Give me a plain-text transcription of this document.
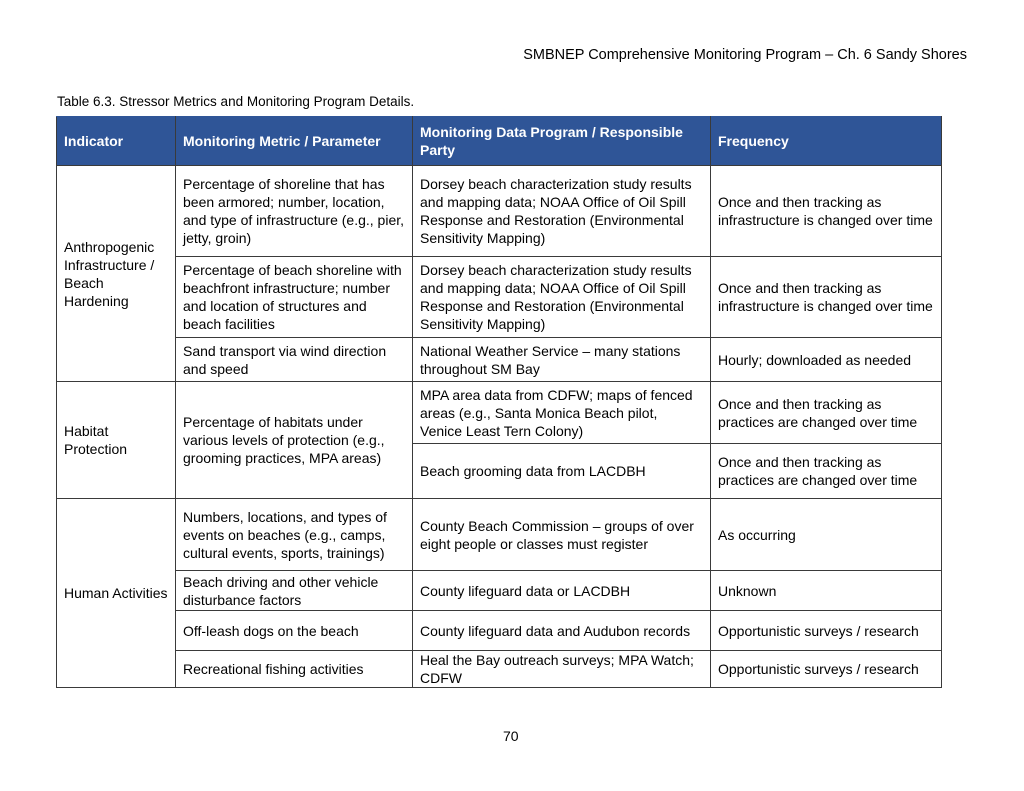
SMBNEP Comprehensive Monitoring Program – Ch. 6 Sandy Shores
Table 6.3. Stressor Metrics and Monitoring Program Details.
Indicator	Monitoring Metric / Parameter	Monitoring Data Program / Responsible Party	Frequency
Anthropogenic Infrastructure / Beach Hardening	Percentage of shoreline that has been armored; number, location, and type of infrastructure (e.g., pier, jetty, groin)	Dorsey beach characterization study results and mapping data; NOAA Office of Oil Spill Response and Restoration (Environmental Sensitivity Mapping)	Once and then tracking as infrastructure is changed over time
	Percentage of beach shoreline with beachfront infrastructure; number and location of structures and beach facilities	Dorsey beach characterization study results and mapping data; NOAA Office of Oil Spill Response and Restoration (Environmental Sensitivity Mapping)	Once and then tracking as infrastructure is changed over time
	Sand transport via wind direction and speed	National Weather Service – many stations throughout SM Bay	Hourly; downloaded as needed
Habitat Protection	Percentage of habitats under various levels of protection (e.g., grooming practices, MPA areas)	MPA area data from CDFW; maps of fenced areas (e.g., Santa Monica Beach pilot, Venice Least Tern Colony)	Once and then tracking as practices are changed over time
		Beach grooming data from LACDBH	Once and then tracking as practices are changed over time
Human Activities	Numbers, locations, and types of events on beaches (e.g., camps, cultural events, sports, trainings)	County Beach Commission – groups of over eight people or classes must register	As occurring
	Beach driving and other vehicle disturbance factors	County lifeguard data or LACDBH	Unknown
	Off-leash dogs on the beach	County lifeguard data and Audubon records	Opportunistic surveys / research
	Recreational fishing activities	Heal the Bay outreach surveys; MPA Watch; CDFW	Opportunistic surveys / research
70
